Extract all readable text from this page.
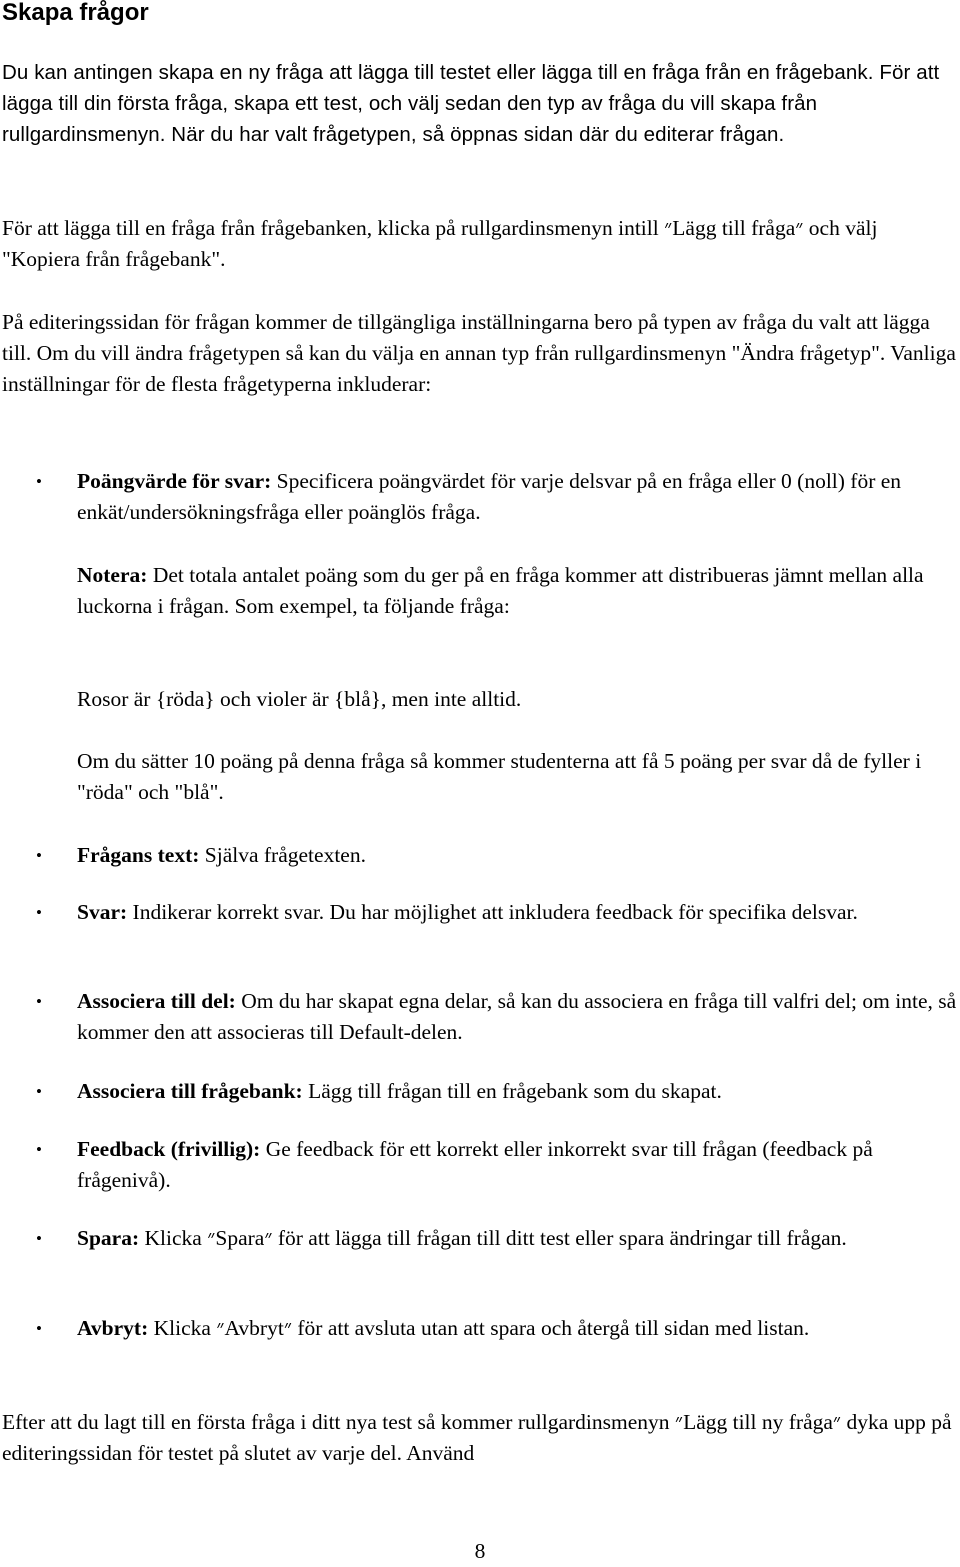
Skapa frågor

Du kan antingen skapa en ny fråga att lägga till testet eller lägga till en fråga från en frågebank. För att lägga till din första fråga, skapa ett test, och välj sedan den typ av fråga du vill skapa från rullgardinsmenyn. När du har valt frågetypen, så öppnas sidan där du editerar frågan.

För att lägga till en fråga från frågebanken, klicka på rullgardinsmenyn intill ״Lägg till fråga״ och välj "Kopiera från frågebank".

På editeringssidan för frågan kommer de tillgängliga inställningarna bero på typen av fråga du valt att lägga till. Om du vill ändra frågetypen så kan du välja en annan typ från rullgardinsmenyn "Ändra frågetyp". Vanliga inställningar för de flesta frågetyperna inkluderar:

• Poängvärde för svar: Specificera poängvärdet för varje delsvar på en fråga eller 0 (noll) för en enkät/undersökningsfråga eller poänglös fråga.
Notera: Det totala antalet poäng som du ger på en fråga kommer att distribueras jämnt mellan alla luckorna i frågan. Som exempel, ta följande fråga:
Rosor är {röda} och violer är {blå}, men inte alltid.
Om du sätter 10 poäng på denna fråga så kommer studenterna att få 5 poäng per svar då de fyller i "röda" och "blå".
• Frågans text: Själva frågetexten.
• Svar: Indikerar korrekt svar. Du har möjlighet att inkludera feedback för specifika delsvar.
• Associera till del: Om du har skapat egna delar, så kan du associera en fråga till valfri del; om inte, så kommer den att associeras till Default-delen.
• Associera till frågebank: Lägg till frågan till en frågebank som du skapat.
• Feedback (frivillig): Ge feedback för ett korrekt eller inkorrekt svar till frågan (feedback på frågenivå).
• Spara: Klicka ״Spara״ för att lägga till frågan till ditt test eller spara ändringar till frågan.
• Avbryt: Klicka ״Avbryt״ för att avsluta utan att spara och återgå till sidan med listan.

Efter att du lagt till en första fråga i ditt nya test så kommer rullgardinsmenyn ״Lägg till ny fråga״ dyka upp på editeringssidan för testet på slutet av varje del. Använd

8
